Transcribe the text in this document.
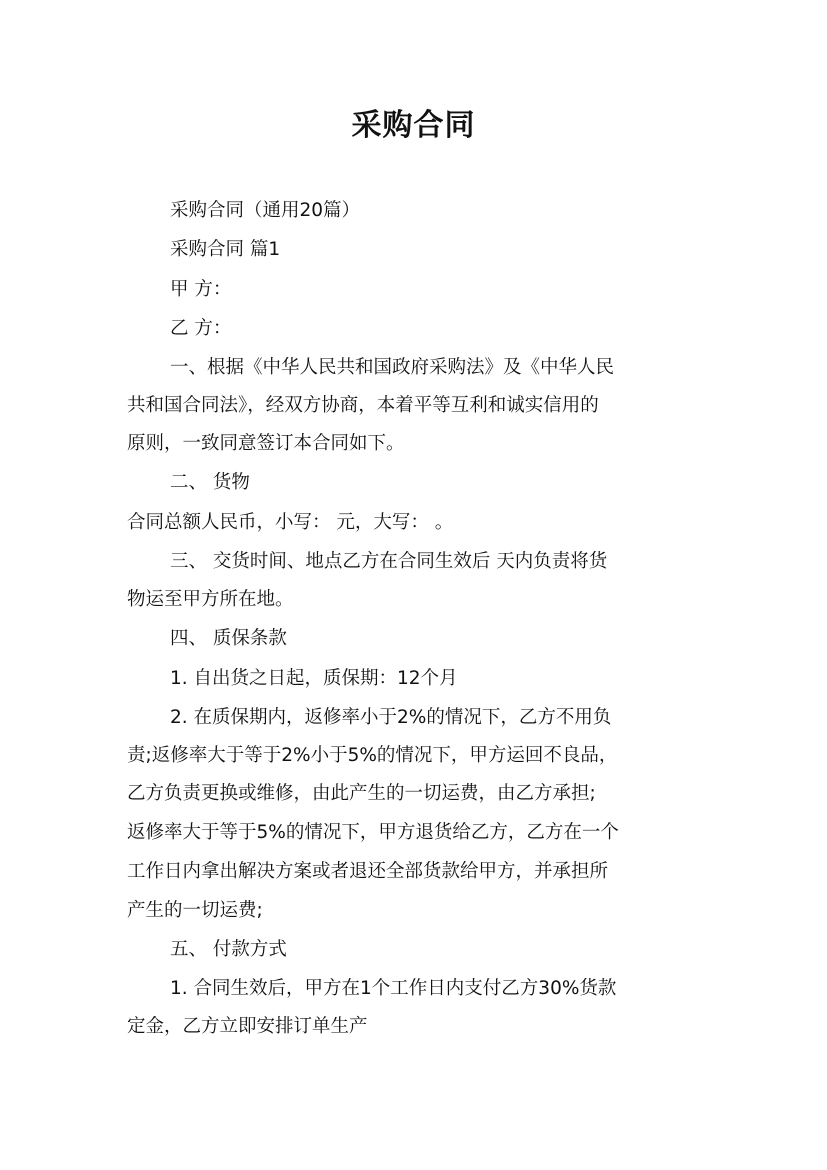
采购合同
采购合同（通用20篇）
采购合同 篇1
甲 方：
乙 方：
一、根据《中华人民共和国政府采购法》及《中华人民
共和国合同法》，经双方协商，本着平等互利和诚实信用的
原则，一致同意签订本合同如下。
二、 货物
合同总额人民币，小写： 元，大写： 。
三、 交货时间、地点乙方在合同生效后 天内负责将货
物运至甲方所在地。
四、 质保条款
1. 自出货之日起，质保期：12个月
2. 在质保期内，返修率小于2%的情况下，乙方不用负
责;返修率大于等于2%小于5%的情况下，甲方运回不良品，
乙方负责更换或维修，由此产生的一切运费，由乙方承担;
返修率大于等于5%的情况下，甲方退货给乙方，乙方在一个
工作日内拿出解决方案或者退还全部货款给甲方，并承担所
产生的一切运费;
五、 付款方式
1. 合同生效后，甲方在1个工作日内支付乙方30%货款
定金，乙方立即安排订单生产
